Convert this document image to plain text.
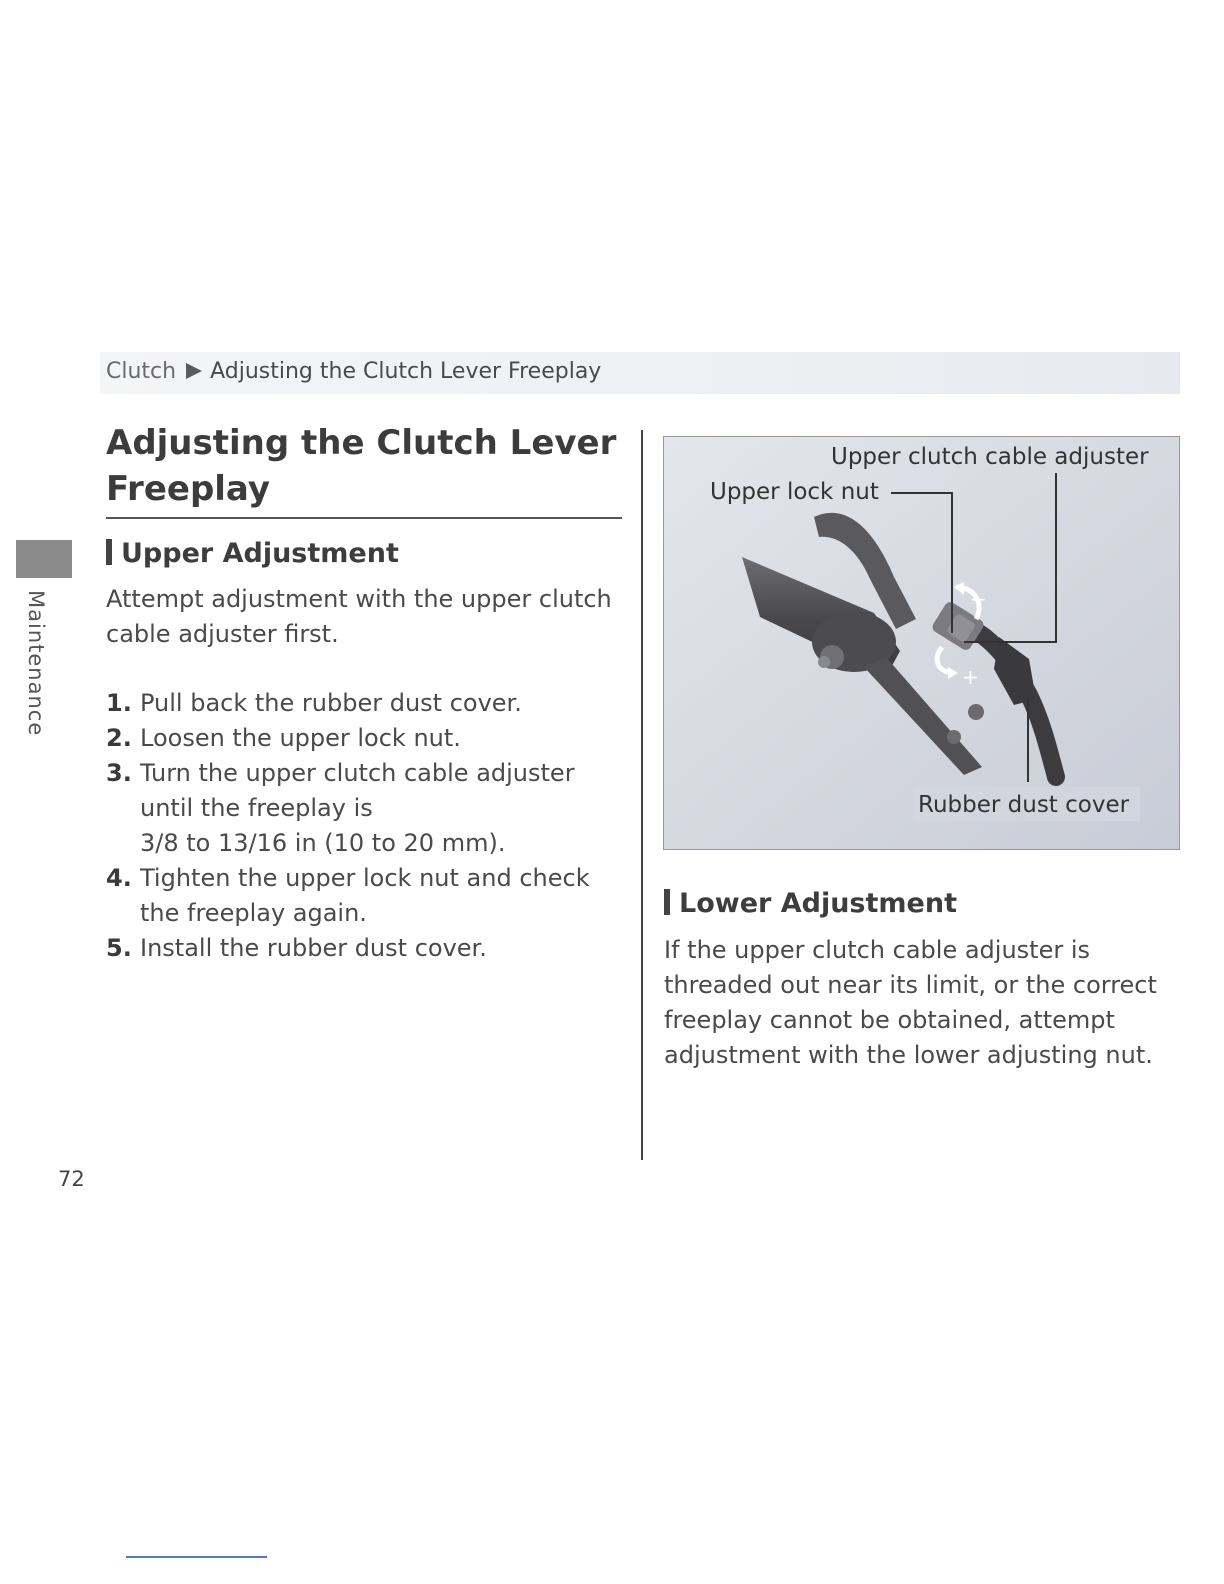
Clutch Adjusting the Clutch Lever Freeplay
Maintenance
Adjusting the Clutch Lever Freeplay
Upper Adjustment

Attempt adjustment with the upper clutch cable adjuster first.

1. Pull back the rubber dust cover.
2. Loosen the upper lock nut.
3. Turn the upper clutch cable adjuster until the freeplay is
3/8 to 13/16 in (10 to 20 mm).
4. Tighten the upper lock nut and check the freeplay again.
5. Install the rubber dust cover.
Upper clutch cable adjuster
Upper lock nut
Rubber dust cover
−
+
Lower Adjustment

If the upper clutch cable adjuster is threaded out near its limit, or the correct freeplay cannot be obtained, attempt adjustment with the lower adjusting nut.

72
